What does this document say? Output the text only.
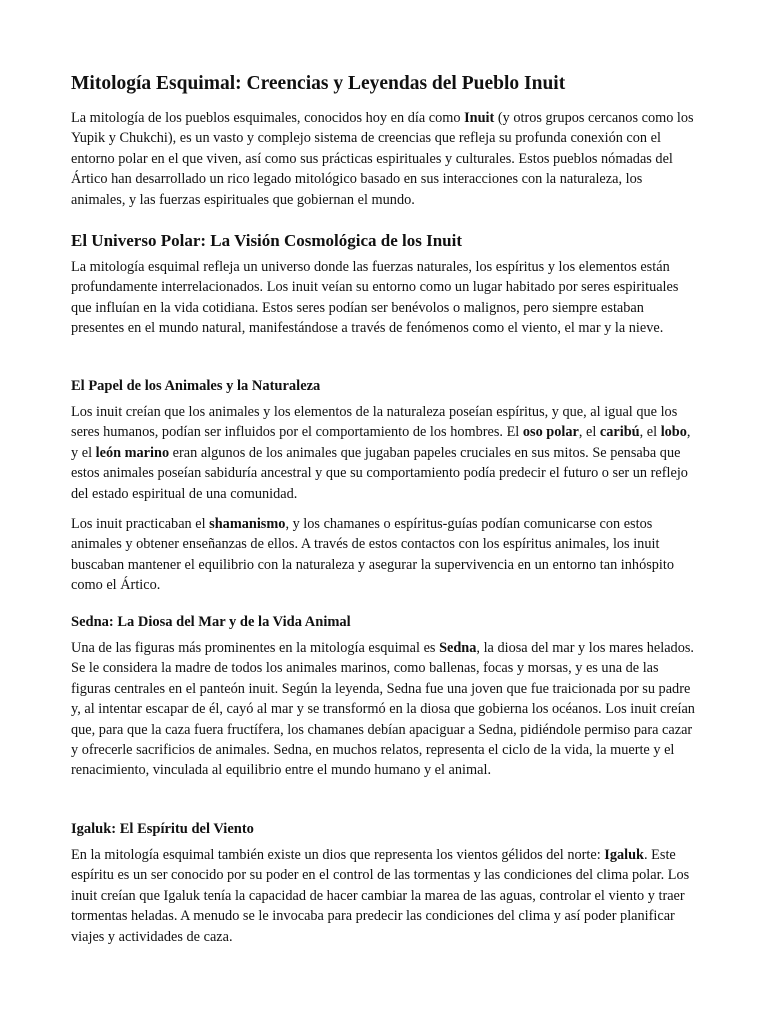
Mitología Esquimal: Creencias y Leyendas del Pueblo Inuit

La mitología de los pueblos esquimales, conocidos hoy en día como Inuit (y otros grupos cercanos como los Yupik y Chukchi), es un vasto y complejo sistema de creencias que refleja su profunda conexión con el entorno polar en el que viven, así como sus prácticas espirituales y culturales. Estos pueblos nómadas del Ártico han desarrollado un rico legado mitológico basado en sus interacciones con la naturaleza, los animales, y las fuerzas espirituales que gobiernan el mundo.

El Universo Polar: La Visión Cosmológica de los Inuit

La mitología esquimal refleja un universo donde las fuerzas naturales, los espíritus y los elementos están profundamente interrelacionados. Los inuit veían su entorno como un lugar habitado por seres espirituales que influían en la vida cotidiana. Estos seres podían ser benévolos o malignos, pero siempre estaban presentes en el mundo natural, manifestándose a través de fenómenos como el viento, el mar y la nieve.

El Papel de los Animales y la Naturaleza

Los inuit creían que los animales y los elementos de la naturaleza poseían espíritus, y que, al igual que los seres humanos, podían ser influidos por el comportamiento de los hombres. El oso polar, el caribú, el lobo, y el león marino eran algunos de los animales que jugaban papeles cruciales en sus mitos. Se pensaba que estos animales poseían sabiduría ancestral y que su comportamiento podía predecir el futuro o ser un reflejo del estado espiritual de una comunidad.

Los inuit practicaban el shamanismo, y los chamanes o espíritus-guías podían comunicarse con estos animales y obtener enseñanzas de ellos. A través de estos contactos con los espíritus animales, los inuit buscaban mantener el equilibrio con la naturaleza y asegurar la supervivencia en un entorno tan inhóspito como el Ártico.

Sedna: La Diosa del Mar y de la Vida Animal

Una de las figuras más prominentes en la mitología esquimal es Sedna, la diosa del mar y los mares helados. Se le considera la madre de todos los animales marinos, como ballenas, focas y morsas, y es una de las figuras centrales en el panteón inuit. Según la leyenda, Sedna fue una joven que fue traicionada por su padre y, al intentar escapar de él, cayó al mar y se transformó en la diosa que gobierna los océanos. Los inuit creían que, para que la caza fuera fructífera, los chamanes debían apaciguar a Sedna, pidiéndole permiso para cazar y ofrecerle sacrificios de animales. Sedna, en muchos relatos, representa el ciclo de la vida, la muerte y el renacimiento, vinculada al equilibrio entre el mundo humano y el animal.

Igaluk: El Espíritu del Viento

En la mitología esquimal también existe un dios que representa los vientos gélidos del norte: Igaluk. Este espíritu es un ser conocido por su poder en el control de las tormentas y las condiciones del clima polar. Los inuit creían que Igaluk tenía la capacidad de hacer cambiar la marea de las aguas, controlar el viento y traer tormentas heladas. A menudo se le invocaba para predecir las condiciones del clima y así poder planificar viajes y actividades de caza.
